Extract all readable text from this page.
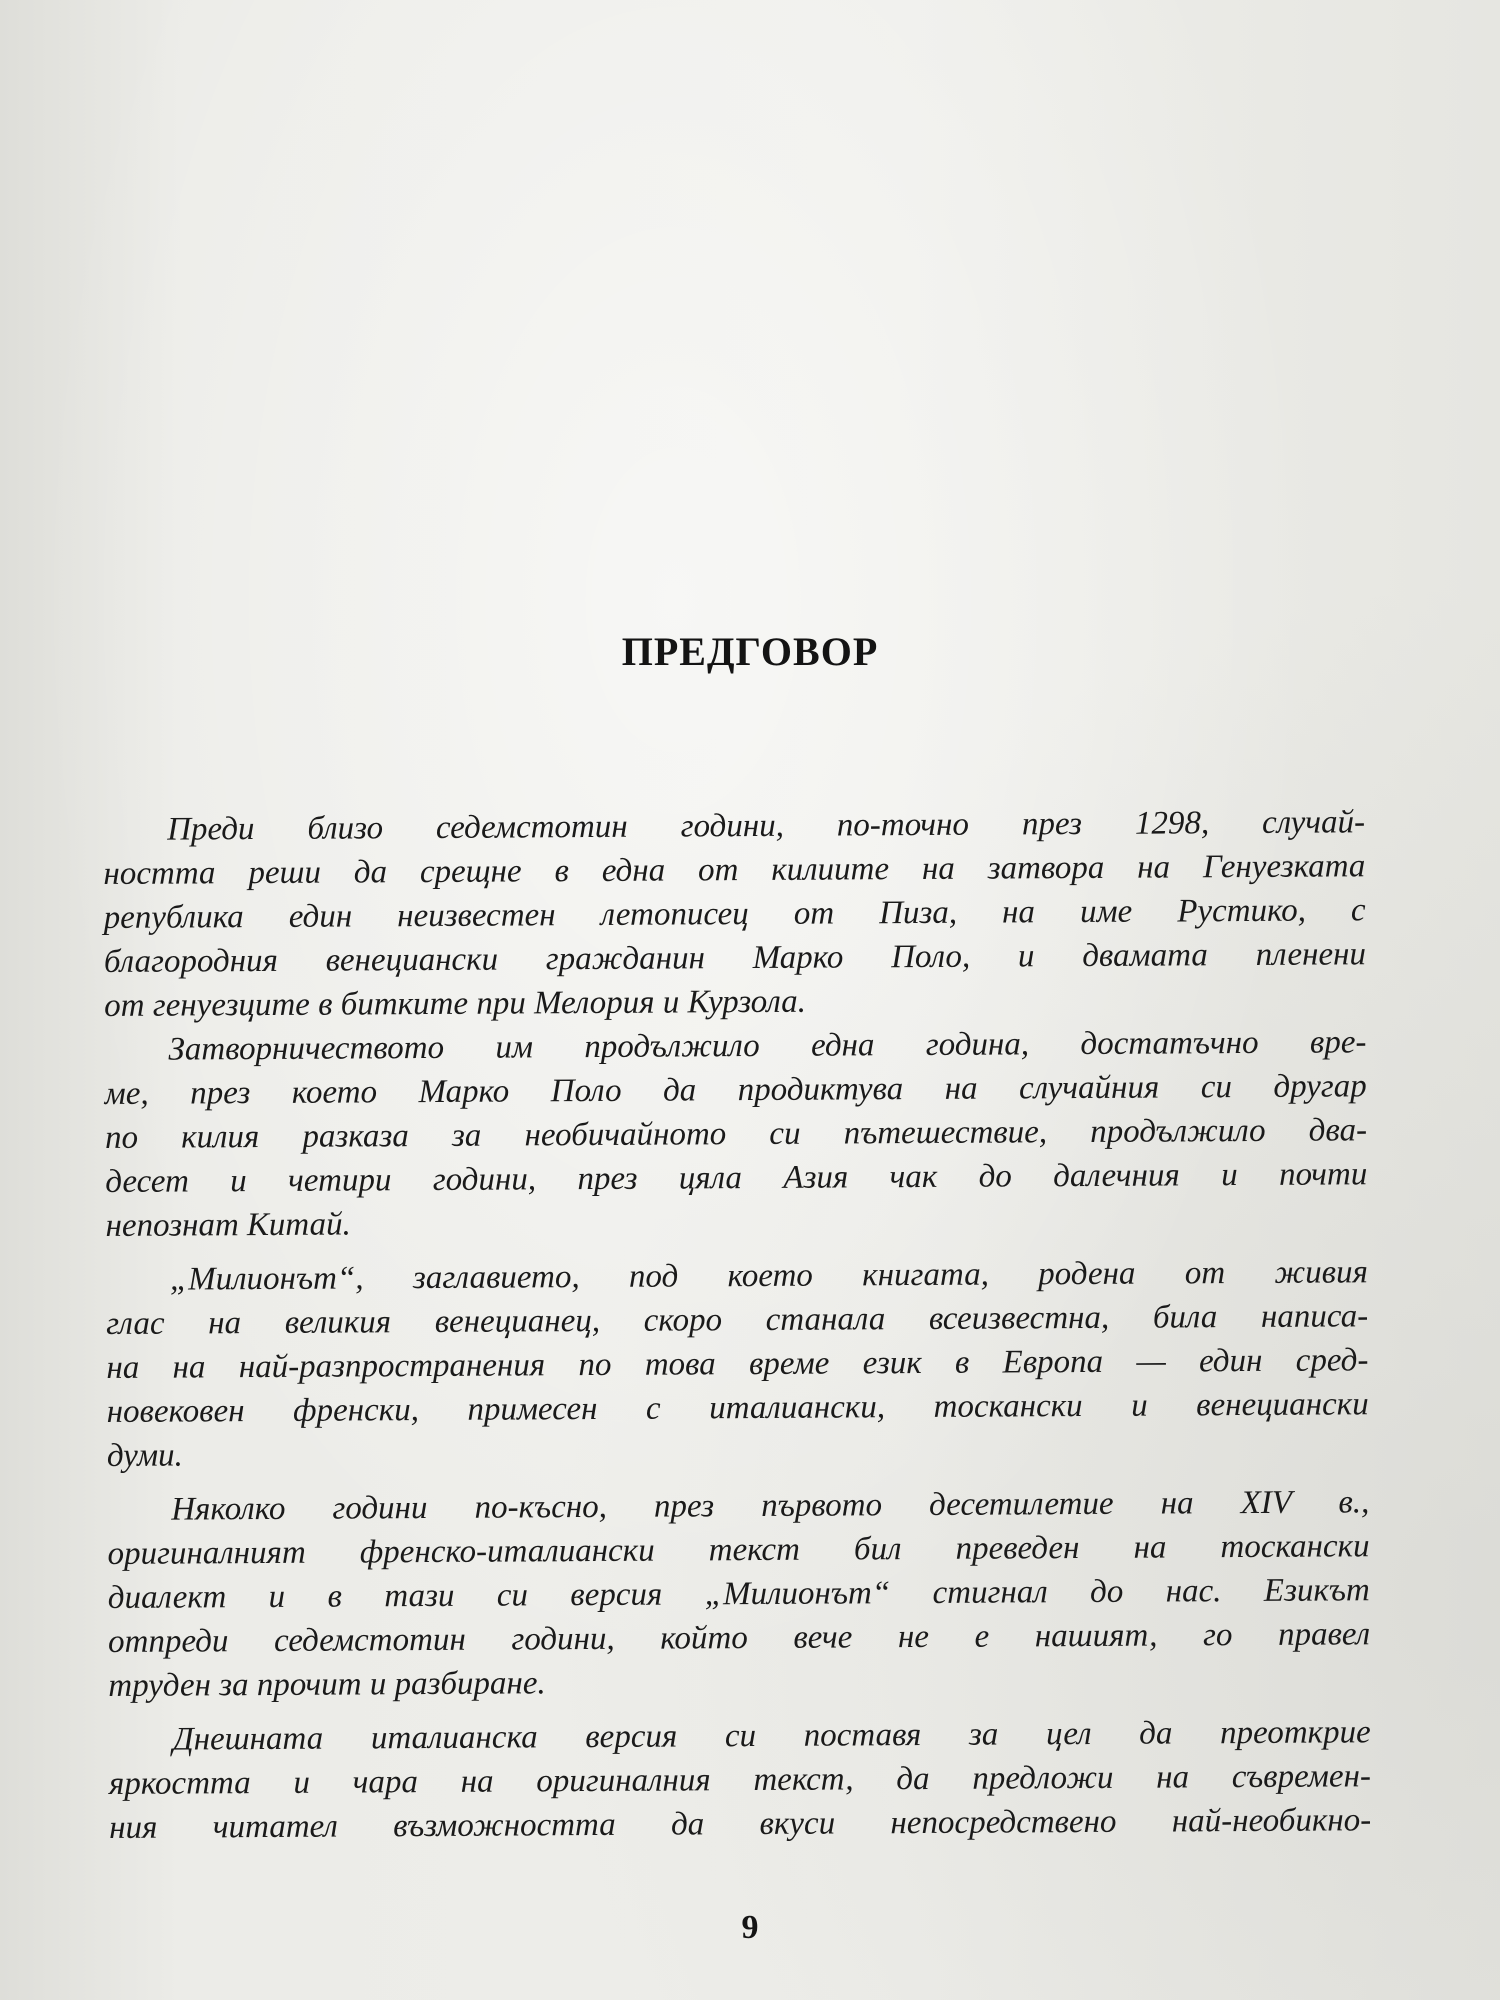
ПРЕДГОВОР
Преди близо седемстотин години, по-точно през 1298, случай-
ността реши да срещне в една от килиите на затвора на Генуезката
република един неизвестен летописец от Пиза, на име Рустико, с
благородния венециански гражданин Марко Поло, и двамата пленени
от генуезците в битките при Мелория и Курзола.
Затворничеството им продължило една година, достатъчно вре-
ме, през което Марко Поло да продиктува на случайния си другар
по килия разказа за необичайното си пътешествие, продължило два-
десет и четири години, през цяла Азия чак до далечния и почти
непознат Китай.
„Милионът“, заглавието, под което книгата, родена от живия
глас на великия венецианец, скоро станала всеизвестна, била написа-
на на най-разпространения по това време език в Европа — един сред-
новековен френски, примесен с италиански, тоскански и венециански
думи.
Няколко години по-късно, през първото десетилетие на XIV в.,
оригиналният френско-италиански текст бил преведен на тоскански
диалект и в тази си версия „Милионът“ стигнал до нас. Езикът
отпреди седемстотин години, който вече не е нашият, го правел
труден за прочит и разбиране.
Днешната италианска версия си поставя за цел да преоткрие
яркостта и чара на оригиналния текст, да предложи на съвремен-
ния читател възможността да вкуси непосредствено най-необикно-
9
